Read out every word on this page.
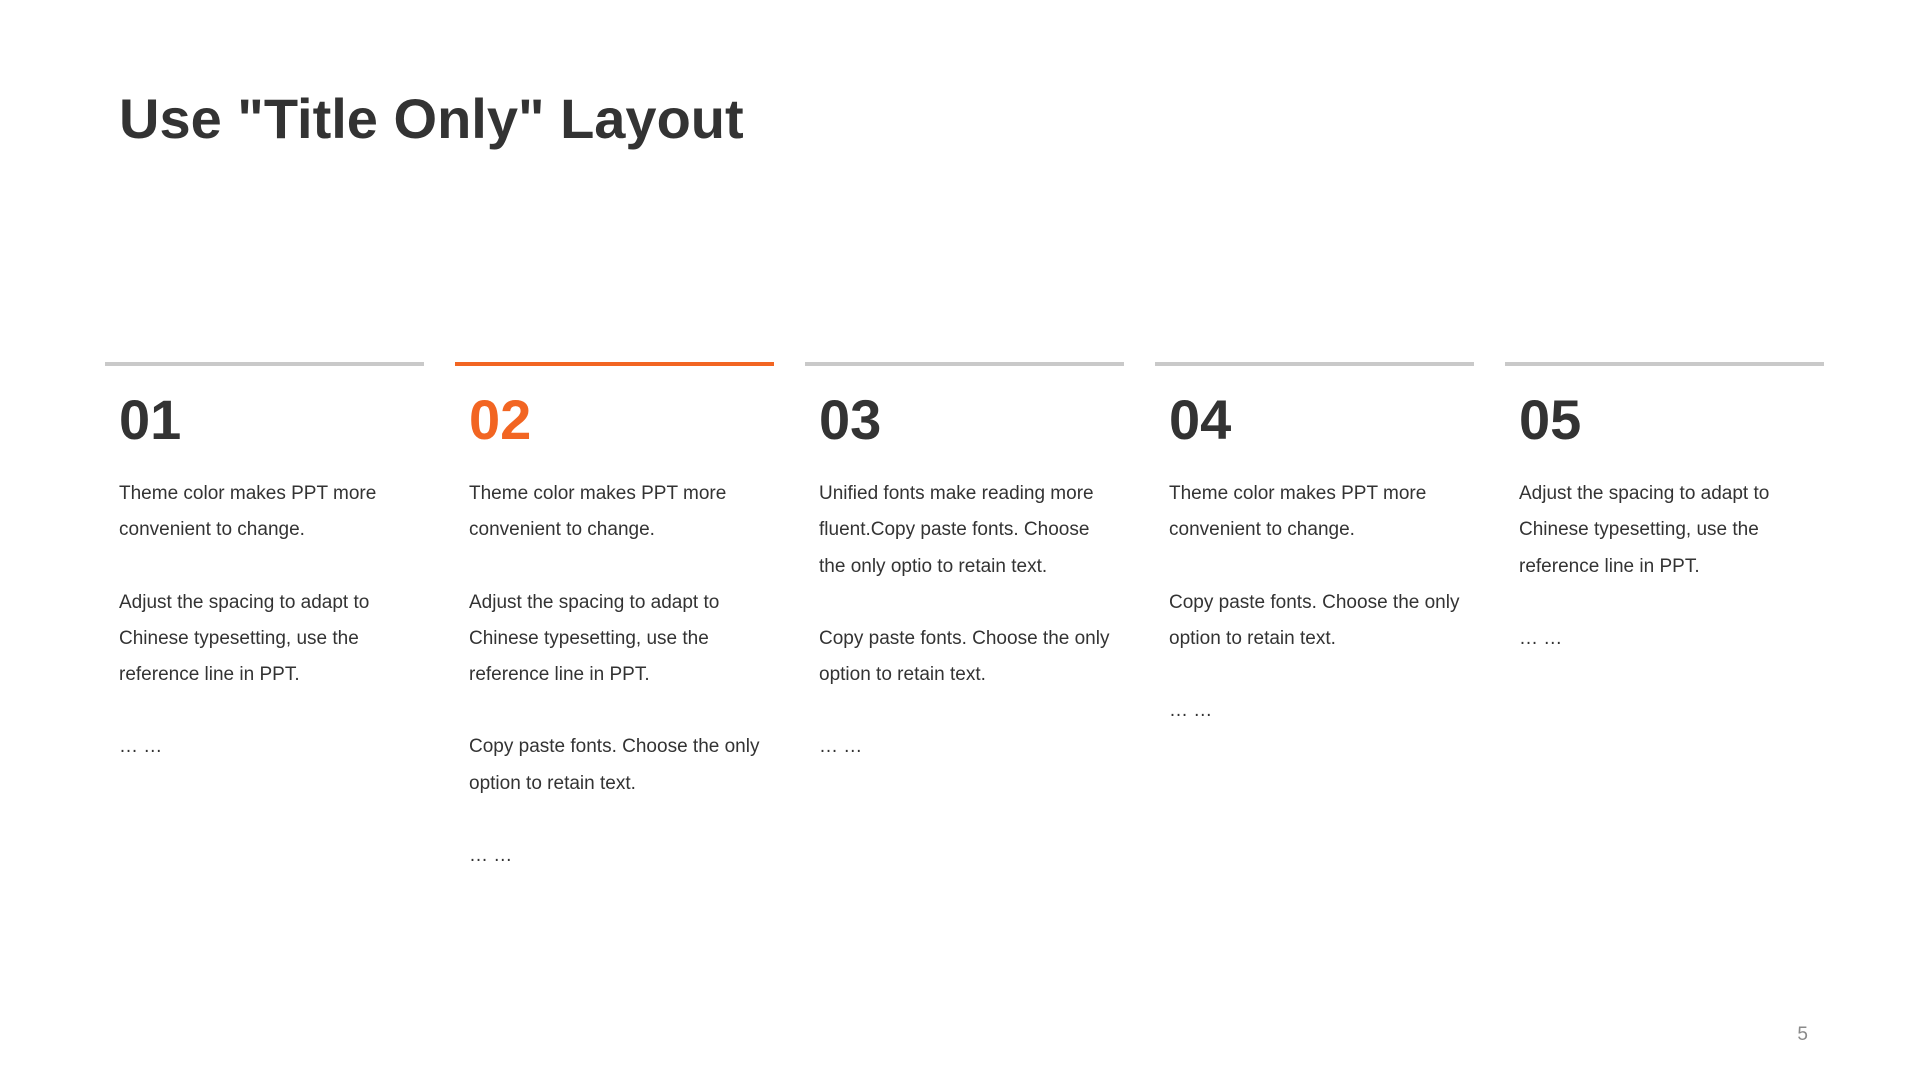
Use "Title Only" Layout
01

Theme color makes PPT more convenient to change.

Adjust the spacing to adapt to Chinese typesetting, use the reference line in PPT.

… …

02

Theme color makes PPT more convenient to change.

Adjust the spacing to adapt to Chinese typesetting, use the reference line in PPT.

Copy paste fonts. Choose the only option to retain text.

… …

03

Unified fonts make reading more fluent.Copy paste fonts. Choose the only optio to retain text.

Copy paste fonts. Choose the only option to retain text.

… …

04

Theme color makes PPT more convenient to change.

Copy paste fonts. Choose the only option to retain text.

… …

05

Adjust the spacing to adapt to Chinese typesetting, use the reference line in PPT.

… …

5
